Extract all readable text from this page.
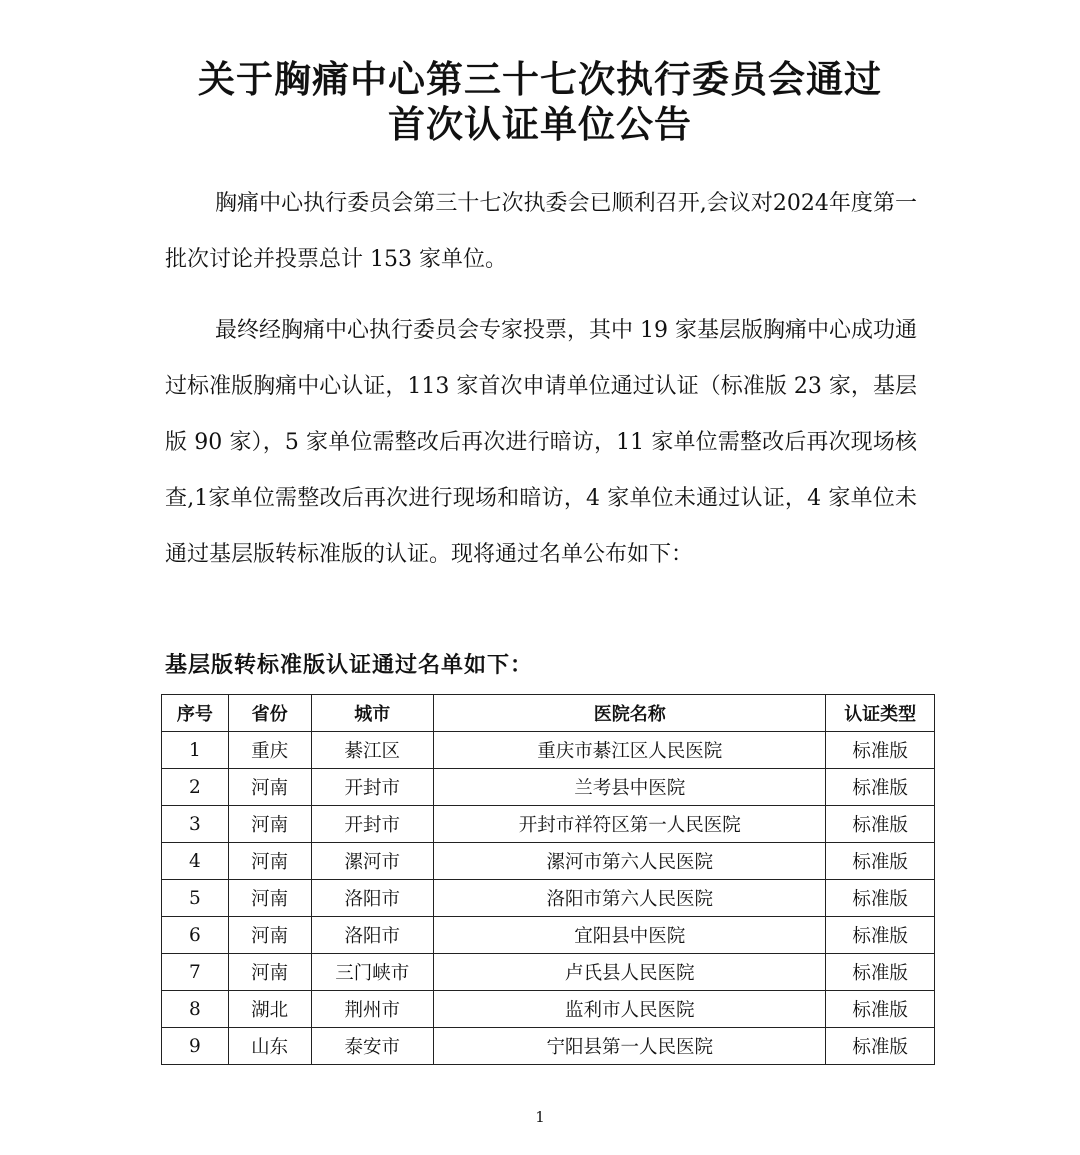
关于胸痛中心第三十七次执行委员会通过
首次认证单位公告

胸痛中心执行委员会第三十七次执委会已顺利召开,会议对2024年度第一批次讨论并投票总计 153 家单位。

最终经胸痛中心执行委员会专家投票，其中 19 家基层版胸痛中心成功通过标准版胸痛中心认证，113 家首次申请单位通过认证（标准版 23 家，基层版 90 家），5 家单位需整改后再次进行暗访，11 家单位需整改后再次现场核查,1家单位需整改后再次进行现场和暗访，4 家单位未通过认证，4 家单位未通过基层版转标准版的认证。现将通过名单公布如下：

基层版转标准版认证通过名单如下：
序号	省份	城市	医院名称	认证类型
1	重庆	綦江区	重庆市綦江区人民医院	标准版
2	河南	开封市	兰考县中医院	标准版
3	河南	开封市	开封市祥符区第一人民医院	标准版
4	河南	漯河市	漯河市第六人民医院	标准版
5	河南	洛阳市	洛阳市第六人民医院	标准版
6	河南	洛阳市	宜阳县中医院	标准版
7	河南	三门峡市	卢氏县人民医院	标准版
8	湖北	荆州市	监利市人民医院	标准版
9	山东	泰安市	宁阳县第一人民医院	标准版
1
